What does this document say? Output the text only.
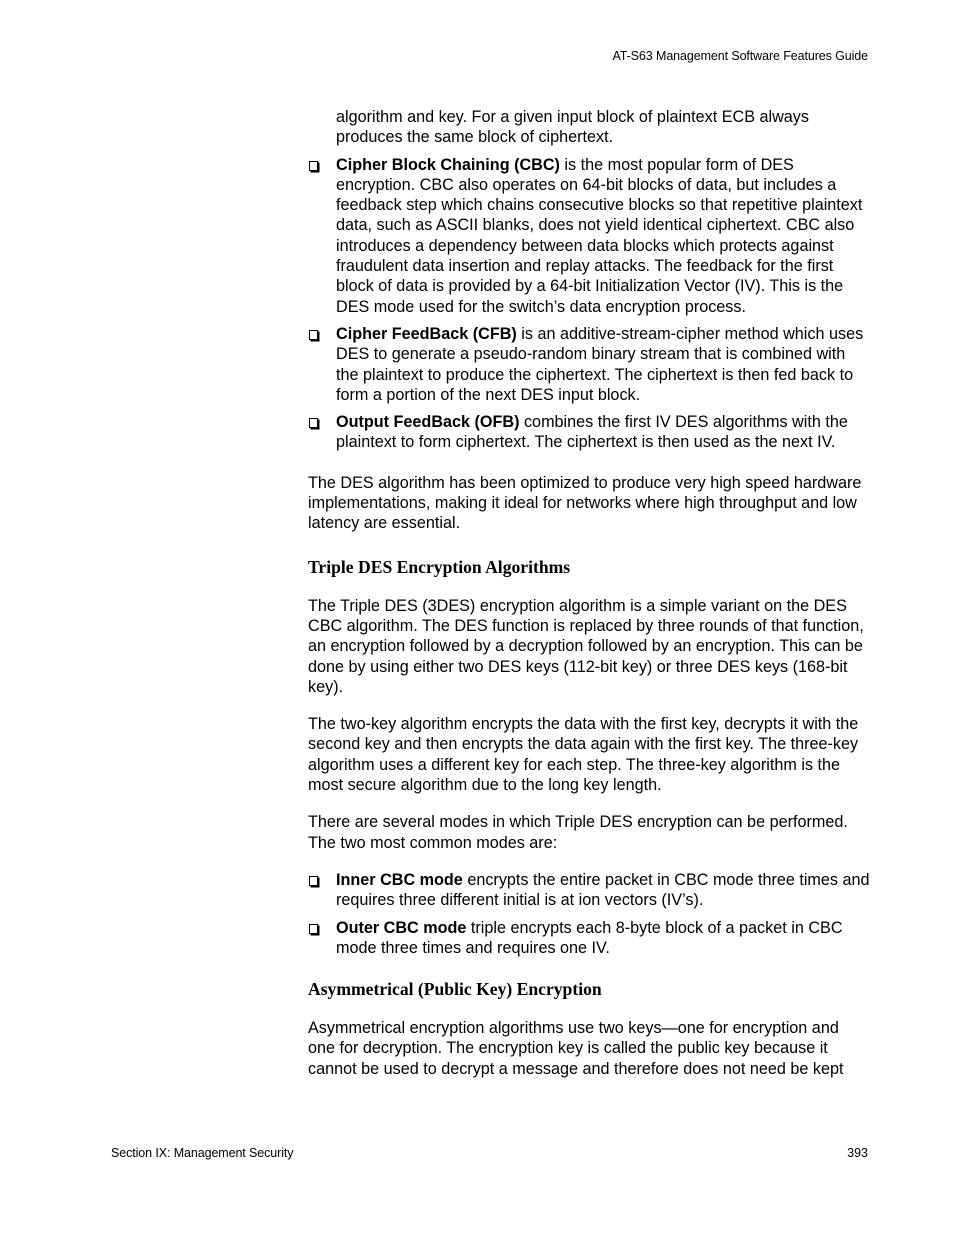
AT-S63 Management Software Features Guide
algorithm and key. For a given input block of plaintext ECB always produces the same block of ciphertext.
Cipher Block Chaining (CBC) is the most popular form of DES encryption. CBC also operates on 64-bit blocks of data, but includes a feedback step which chains consecutive blocks so that repetitive plaintext data, such as ASCII blanks, does not yield identical ciphertext. CBC also introduces a dependency between data blocks which protects against fraudulent data insertion and replay attacks. The feedback for the first block of data is provided by a 64-bit Initialization Vector (IV). This is the DES mode used for the switch’s data encryption process.
Cipher FeedBack (CFB) is an additive-stream-cipher method which uses DES to generate a pseudo-random binary stream that is combined with the plaintext to produce the ciphertext. The ciphertext is then fed back to form a portion of the next DES input block.
Output FeedBack (OFB) combines the first IV DES algorithms with the plaintext to form ciphertext. The ciphertext is then used as the next IV.

The DES algorithm has been optimized to produce very high speed hardware implementations, making it ideal for networks where high throughput and low latency are essential.

Triple DES Encryption Algorithms

The Triple DES (3DES) encryption algorithm is a simple variant on the DES CBC algorithm. The DES function is replaced by three rounds of that function, an encryption followed by a decryption followed by an encryption. This can be done by using either two DES keys (112-bit key) or three DES keys (168-bit key).

The two-key algorithm encrypts the data with the first key, decrypts it with the second key and then encrypts the data again with the first key. The three-key algorithm uses a different key for each step. The three-key algorithm is the most secure algorithm due to the long key length.

There are several modes in which Triple DES encryption can be performed. The two most common modes are:

Inner CBC mode encrypts the entire packet in CBC mode three times and requires three different initial is at ion vectors (IV’s).
Outer CBC mode triple encrypts each 8-byte block of a packet in CBC mode three times and requires one IV.
Asymmetrical (Public Key) Encryption

Asymmetrical encryption algorithms use two keys—one for encryption and one for decryption. The encryption key is called the public key because it cannot be used to decrypt a message and therefore does not need be kept

Section IX: Management Security	393
